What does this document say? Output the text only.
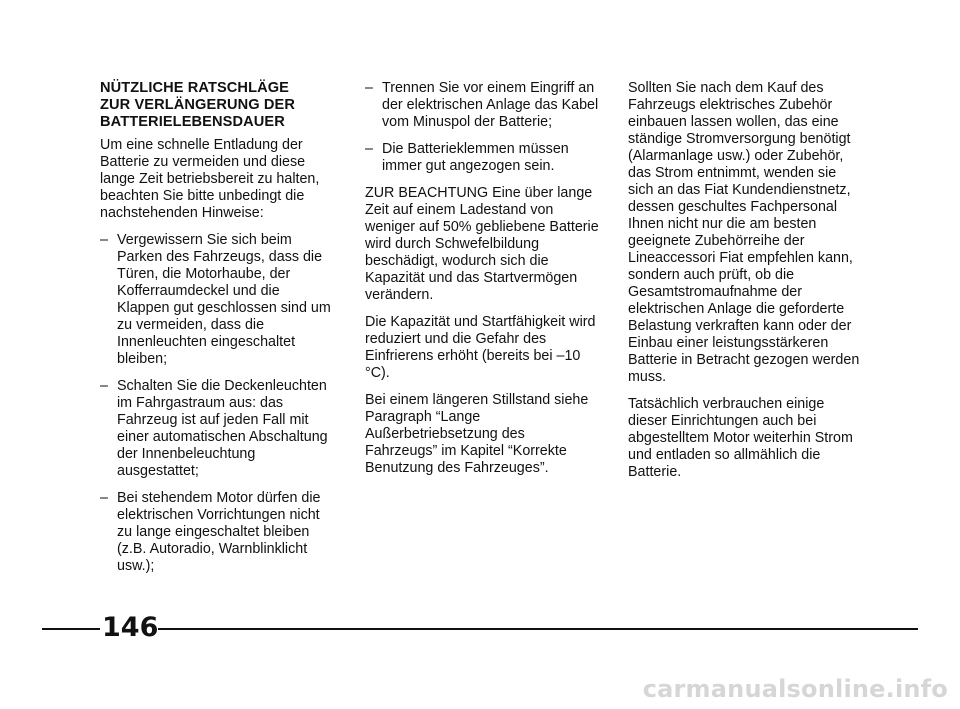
NÜTZLICHE RATSCHLÄGE
ZUR VERLÄNGERUNG DER
BATTERIELEBENSDAUER

Um eine schnelle Entladung der Batterie zu vermeiden und diese lange Zeit betriebsbereit zu halten, beachten Sie bitte unbedingt die nachstehenden Hinweise:

– Vergewissern Sie sich beim Parken des Fahrzeugs, dass die Türen, die Motorhaube, der Kofferraumdeckel und die Klappen gut geschlossen sind um zu vermeiden, dass die Innenleuchten eingeschaltet bleiben;
– Schalten Sie die Deckenleuchten im Fahrgastraum aus: das Fahrzeug ist auf jeden Fall mit einer automatischen Abschaltung der Innenbeleuchtung ausgestattet;
– Bei stehendem Motor dürfen die elektrischen Vorrichtungen nicht zu lange eingeschaltet bleiben (z.B. Autoradio, Warnblinklicht usw.);
– Trennen Sie vor einem Eingriff an der elektrischen Anlage das Kabel vom Minuspol der Batterie;
– Die Batterieklemmen müssen immer gut angezogen sein.

ZUR BEACHTUNG Eine über lange Zeit auf einem Ladestand von weniger auf 50% gebliebene Batterie wird durch Schwefelbildung beschädigt, wodurch sich die Kapazität und das Startvermögen verändern.

Die Kapazität und Startfähigkeit wird reduziert und die Gefahr des Einfrierens erhöht (bereits bei –10 °C).

Bei einem längeren Stillstand siehe Paragraph “Lange Außerbetriebsetzung des Fahrzeugs” im Kapitel “Korrekte Benutzung des Fahrzeuges”.

Sollten Sie nach dem Kauf des Fahrzeugs elektrisches Zubehör einbauen lassen wollen, das eine ständige Stromversorgung benötigt (Alarmanlage usw.) oder Zubehör, das Strom entnimmt, wenden sie sich an das Fiat Kundendienstnetz, dessen geschultes Fachpersonal Ihnen nicht nur die am besten geeignete Zubehörreihe der Lineaccessori Fiat empfehlen kann, sondern auch prüft, ob die Gesamtstromaufnahme der elektrischen Anlage die geforderte Belastung verkraften kann oder der Einbau einer leistungsstärkeren Batterie in Betracht gezogen werden muss.

Tatsächlich verbrauchen einige dieser Einrichtungen auch bei abgestelltem Motor weiterhin Strom und entladen so allmählich die Batterie.

146
carmanualsonline.info
